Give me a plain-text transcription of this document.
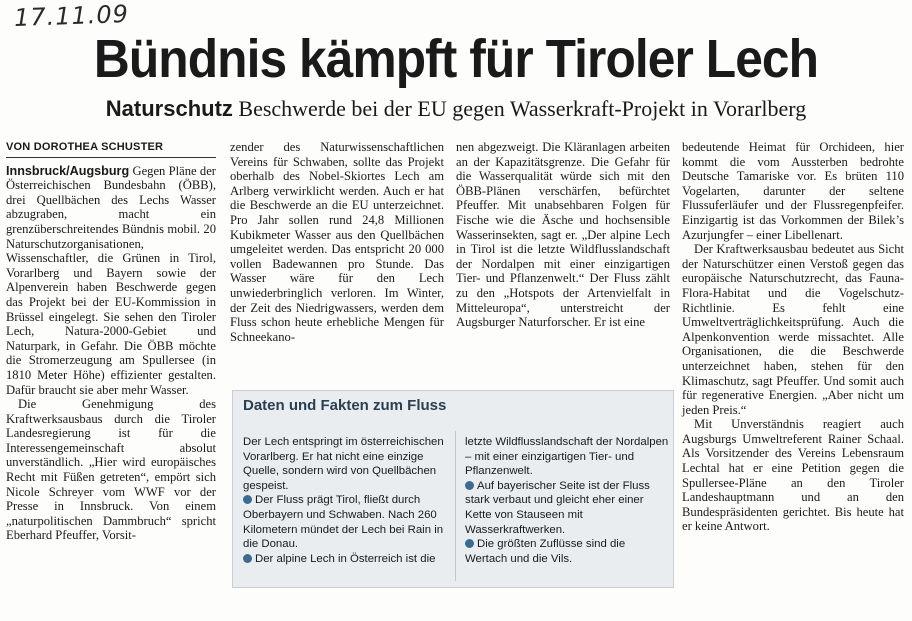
17.11.09
Bündnis kämpft für Tiroler Lech
Naturschutz Beschwerde bei der EU gegen Wasserkraft-Projekt in Vorarlberg
VON DOROTHEA SCHUSTER

Innsbruck/Augsburg Gegen Pläne der Österreichischen Bundesbahn (ÖBB), drei Quellbächen des Lechs Wasser abzugraben, macht ein grenzüberschreitendes Bündnis mobil. 20 Naturschutzorganisationen, Wissenschaftler, die Grünen in Tirol, Vorarlberg und Bayern sowie der Alpenverein haben Beschwerde gegen das Projekt bei der EU-Kommission in Brüssel eingelegt. Sie sehen den Tiroler Lech, Natura-2000-Gebiet und Naturpark, in Gefahr. Die ÖBB möchte die Stromerzeugung am Spullersee (in 1810 Meter Höhe) effizienter gestalten. Dafür braucht sie aber mehr Wasser.

Die Genehmigung des Kraftwerksausbaus durch die Tiroler Landesregierung ist für die Interessengemeinschaft absolut unverständlich. „Hier wird europäisches Recht mit Füßen getreten“, empört sich Nicole Schreyer vom WWF vor der Presse in Innsbruck. Von einem „naturpolitischen Dammbruch“ spricht Eberhard Pfeuffer, Vorsit-

zender des Naturwissenschaftlichen Vereins für Schwaben, sollte das Projekt oberhalb des Nobel-Skiortes Lech am Arlberg verwirklicht werden. Auch er hat die Beschwerde an die EU unterzeichnet. Pro Jahr sollen rund 24,8 Millionen Kubikmeter Wasser aus den Quellbächen umgeleitet werden. Das entspricht 20 000 vollen Badewannen pro Stunde. Das Wasser wäre für den Lech unwiederbringlich verloren. Im Winter, der Zeit des Niedrigwassers, werden dem Fluss schon heute erhebliche Mengen für Schneekano-

nen abgezweigt. Die Kläranlagen arbeiten an der Kapazitätsgrenze. Die Gefahr für die Wasserqualität würde sich mit den ÖBB-Plänen verschärfen, befürchtet Pfeuffer. Mit unabsehbaren Folgen für Fische wie die Äsche und hochsensible Wasserinsekten, sagt er. „Der alpine Lech in Tirol ist die letzte Wildflusslandschaft der Nordalpen mit einer einzigartigen Tier- und Pflanzenwelt.“ Der Fluss zählt zu den „Hotspots der Artenvielfalt in Mitteleuropa“, unterstreicht der Augsburger Naturforscher. Er ist eine

bedeutende Heimat für Orchideen, hier kommt die vom Aussterben bedrohte Deutsche Tamariske vor. Es brüten 110 Vogelarten, darunter der seltene Flussuferläufer und der Flussregenpfeifer. Einzigartig ist das Vorkommen der Bilek’s Azurjungfer – einer Libellenart.

Der Kraftwerksausbau bedeutet aus Sicht der Naturschützer einen Verstoß gegen das europäische Naturschutzrecht, das Fauna-Flora-Habitat und die Vogelschutz-Richtlinie. Es fehlt eine Umweltverträglichkeitsprüfung. Auch die Alpenkonvention werde missachtet. Alle Organisationen, die die Beschwerde unterzeichnet haben, stehen für den Klimaschutz, sagt Pfeuffer. Und somit auch für regenerative Energien. „Aber nicht um jeden Preis.“

Mit Unverständnis reagiert auch Augsburgs Umweltreferent Rainer Schaal. Als Vorsitzender des Vereins Lebensraum Lechtal hat er eine Petition gegen die Spullersee-Pläne an den Tiroler Landeshauptmann und an den Bundespräsidenten gerichtet. Bis heute hat er keine Antwort.

Daten und Fakten zum Fluss

Der Lech entspringt im österreichischen Vorarlberg. Er hat nicht eine einzige Quelle, sondern wird von Quellbächen gespeist.

Der Fluss prägt Tirol, fließt durch Oberbayern und Schwaben. Nach 260 Kilometern mündet der Lech bei Rain in die Donau.

Der alpine Lech in Österreich ist die

letzte Wildflusslandschaft der Nordalpen – mit einer einzigartigen Tier- und Pflanzenwelt.

Auf bayerischer Seite ist der Fluss stark verbaut und gleicht eher einer Kette von Stauseen mit Wasserkraftwerken.

Die größten Zuflüsse sind die Wertach und die Vils.
